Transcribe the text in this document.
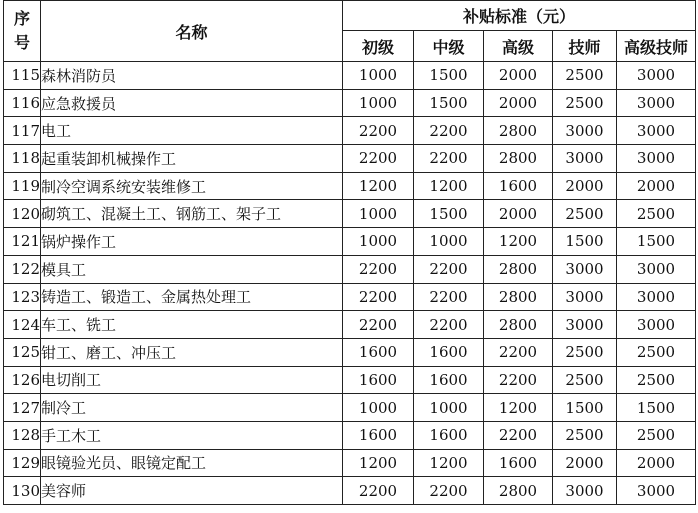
序
号	名称	补贴标准（元）				
		初级	中级	高级	技师	高级技师
115	森林消防员	1000	1500	2000	2500	3000
116	应急救援员	1000	1500	2000	2500	3000
117	电工	2200	2200	2800	3000	3000
118	起重装卸机械操作工	2200	2200	2800	3000	3000
119	制冷空调系统安装维修工	1200	1200	1600	2000	2000
120	砌筑工、混凝土工、钢筋工、架子工	1000	1500	2000	2500	2500
121	锅炉操作工	1000	1000	1200	1500	1500
122	模具工	2200	2200	2800	3000	3000
123	铸造工、锻造工、金属热处理工	2200	2200	2800	3000	3000
124	车工、铣工	2200	2200	2800	3000	3000
125	钳工、磨工、冲压工	1600	1600	2200	2500	2500
126	电切削工	1600	1600	2200	2500	2500
127	制冷工	1000	1000	1200	1500	1500
128	手工木工	1600	1600	2200	2500	2500
129	眼镜验光员、眼镜定配工	1200	1200	1600	2000	2000
130	美容师	2200	2200	2800	3000	3000
